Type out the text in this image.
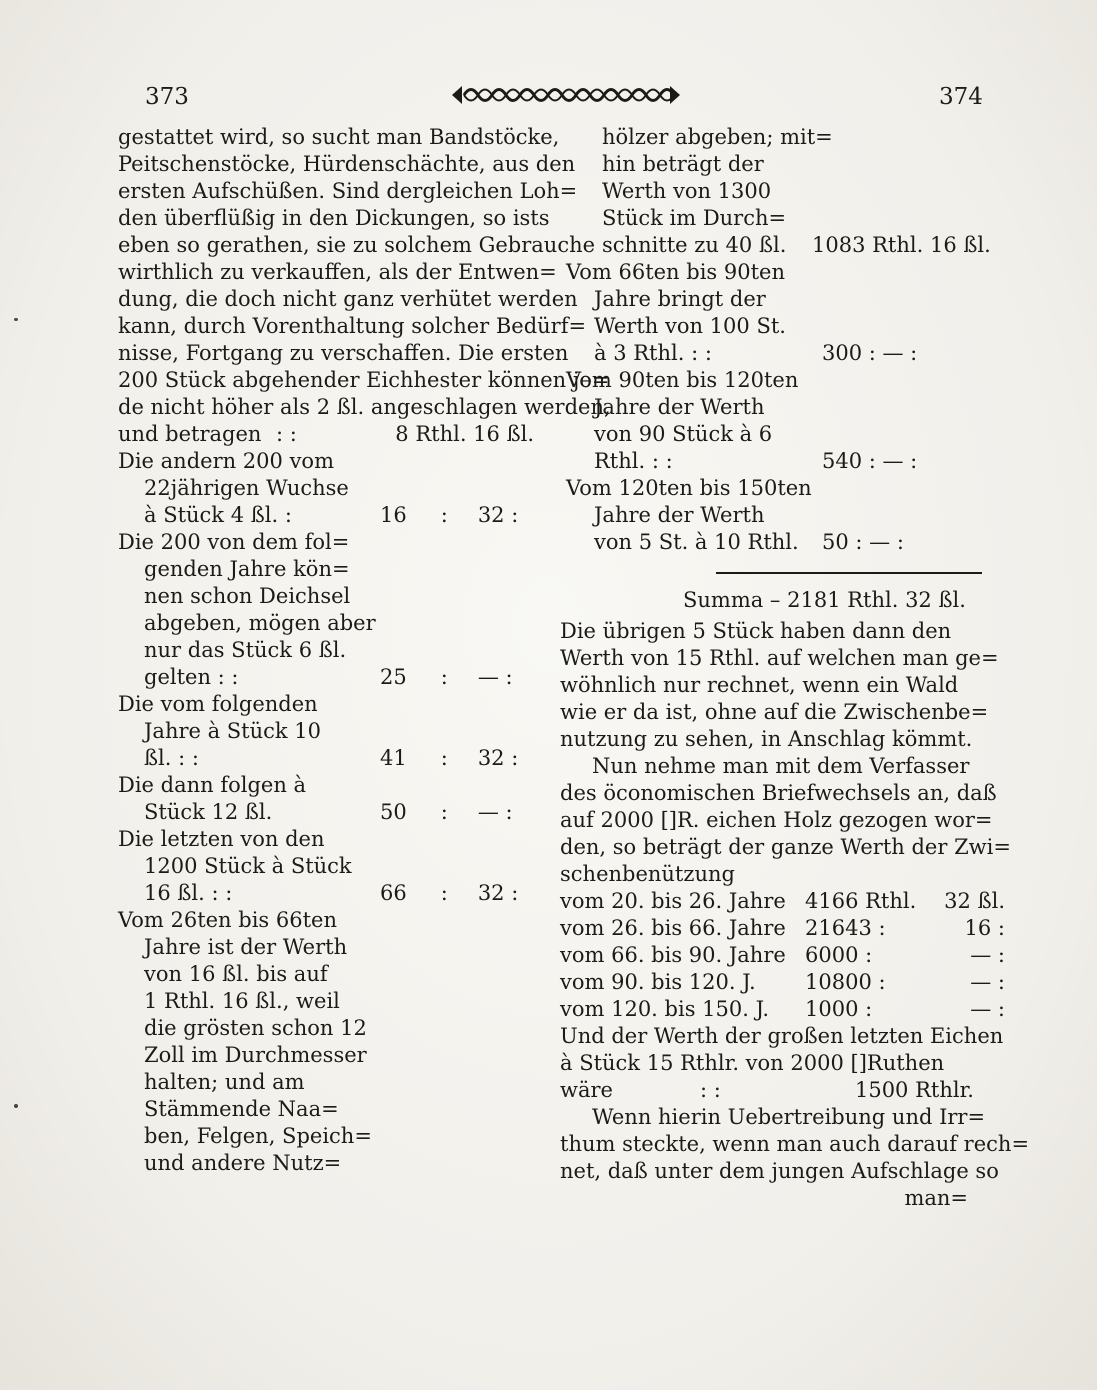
373	374
gestattet wird, so sucht man Bandstöcke,
Peitschenstöcke, Hürdenschächte, aus den
ersten Aufschüßen. Sind dergleichen Loh=
den überflüßig in den Dickungen, so ists
eben so gerathen, sie zu solchem Gebrauche
wirthlich zu verkauffen, als der Entwen=
dung, die doch nicht ganz verhütet werden
kann, durch Vorenthaltung solcher Bedürf=
nisse, Fortgang zu verschaffen. Die ersten
200 Stück abgehender Eichhester können je=
de nicht höher als 2 ßl. angeschlagen werden,
und betragen : :	8 Rthl. 16 ßl.
Die andern 200 vom
22jährigen Wuchse
à Stück 4 ßl. :	16 : 32 :
Die 200 von dem fol=
genden Jahre kön=
nen schon Deichsel
abgeben, mögen aber
nur das Stück 6 ßl.
gelten : :	25 : — :
Die vom folgenden
Jahre à Stück 10
ßl. : :	41 : 32 :
Die dann folgen à
Stück 12 ßl.	50 : — :
Die letzten von den
1200 Stück à Stück
16 ßl. : :	66 : 32 :
Vom 26ten bis 66ten
Jahre ist der Werth
von 16 ßl. bis auf
1 Rthl. 16 ßl., weil
die grösten schon 12
Zoll im Durchmesser
halten; und am
Stämmende Naa=
ben, Felgen, Speich=
und andere Nutz=
hölzer abgeben; mit=
hin beträgt der
Werth von 1300
Stück im Durch=
schnitte zu 40 ßl. 1083 Rthl. 16 ßl.
Vom 66ten bis 90ten
Jahre bringt der
Werth von 100 St.
à 3 Rthl. : :	300 : — :
Vom 90ten bis 120ten
Jahre der Werth
von 90 Stück à 6
Rthl. : :	540 : — :
Vom 120ten bis 150ten
Jahre der Werth
von 5 St. à 10 Rthl. 50 : — :
Summa – 2181 Rthl. 32 ßl.
Die übrigen 5 Stück haben dann den
Werth von 15 Rthl. auf welchen man ge=
wöhnlich nur rechnet, wenn ein Wald
wie er da ist, ohne auf die Zwischenbe=
nutzung zu sehen, in Anschlag kömmt.
Nun nehme man mit dem Verfasser
des öconomischen Briefwechsels an, daß
auf 2000 []R. eichen Holz gezogen wor=
den, so beträgt der ganze Werth der Zwi=
schenbenützung
vom 20. bis 26. Jahre 4166 Rthl.	32 ßl.
vom 26. bis 66. Jahre 21643 :	16 :
vom 66. bis 90. Jahre 6000 :	— :
vom 90. bis 120. J.	10800 :	— :
vom 120. bis 150. J.	1000 :	— :
Und der Werth der großen letzten Eichen
à Stück 15 Rthlr. von 2000 []Ruthen
wäre	: :	1500 Rthlr.
Wenn hierin Uebertreibung und Irr=
thum steckte, wenn man auch darauf rech=
net, daß unter dem jungen Aufschlage so
man=
